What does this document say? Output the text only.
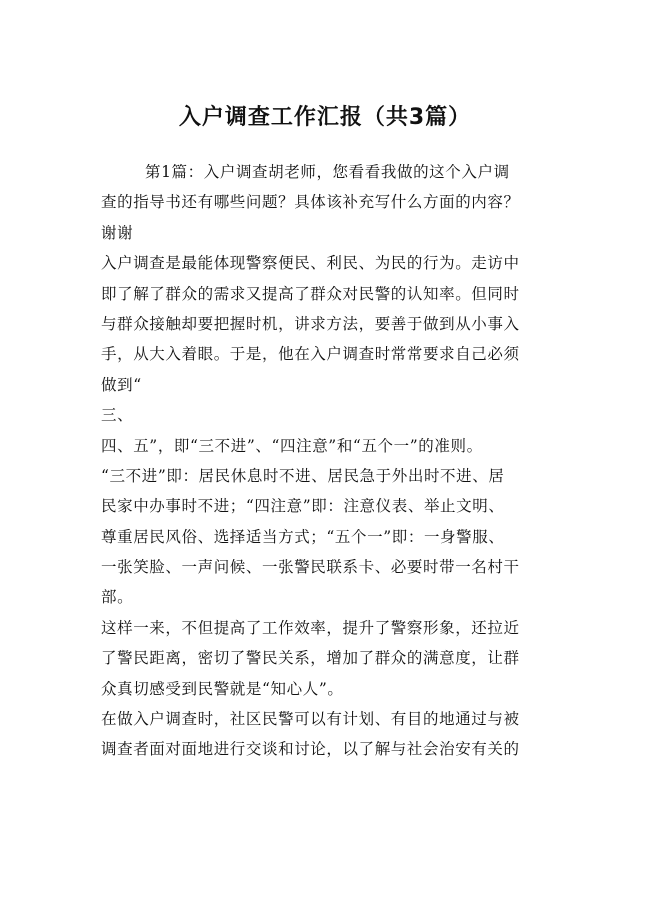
入户调查工作汇报（共3篇）
第1篇：入户调查胡老师，您看看我做的这个入户调
查的指导书还有哪些问题？具体该补充写什么方面的内容？
谢谢
入户调查是最能体现警察便民、利民、为民的行为。走访中
即了解了群众的需求又提高了群众对民警的认知率。但同时
与群众接触却要把握时机，讲求方法，要善于做到从小事入
手，从大入着眼。于是，他在入户调查时常常要求自己必须
做到“
三、
四、五”，即“三不进”、“四注意”和“五个一”的准则。
“三不进”即：居民休息时不进、居民急于外出时不进、居
民家中办事时不进；“四注意”即：注意仪表、举止文明、
尊重居民风俗、选择适当方式；“五个一”即：一身警服、
一张笑脸、一声问候、一张警民联系卡、必要时带一名村干
部。
这样一来，不但提高了工作效率，提升了警察形象，还拉近
了警民距离，密切了警民关系，增加了群众的满意度，让群
众真切感受到民警就是“知心人”。
在做入户调查时，社区民警可以有计划、有目的地通过与被
调查者面对面地进行交谈和讨论，以了解与社会治安有关的
